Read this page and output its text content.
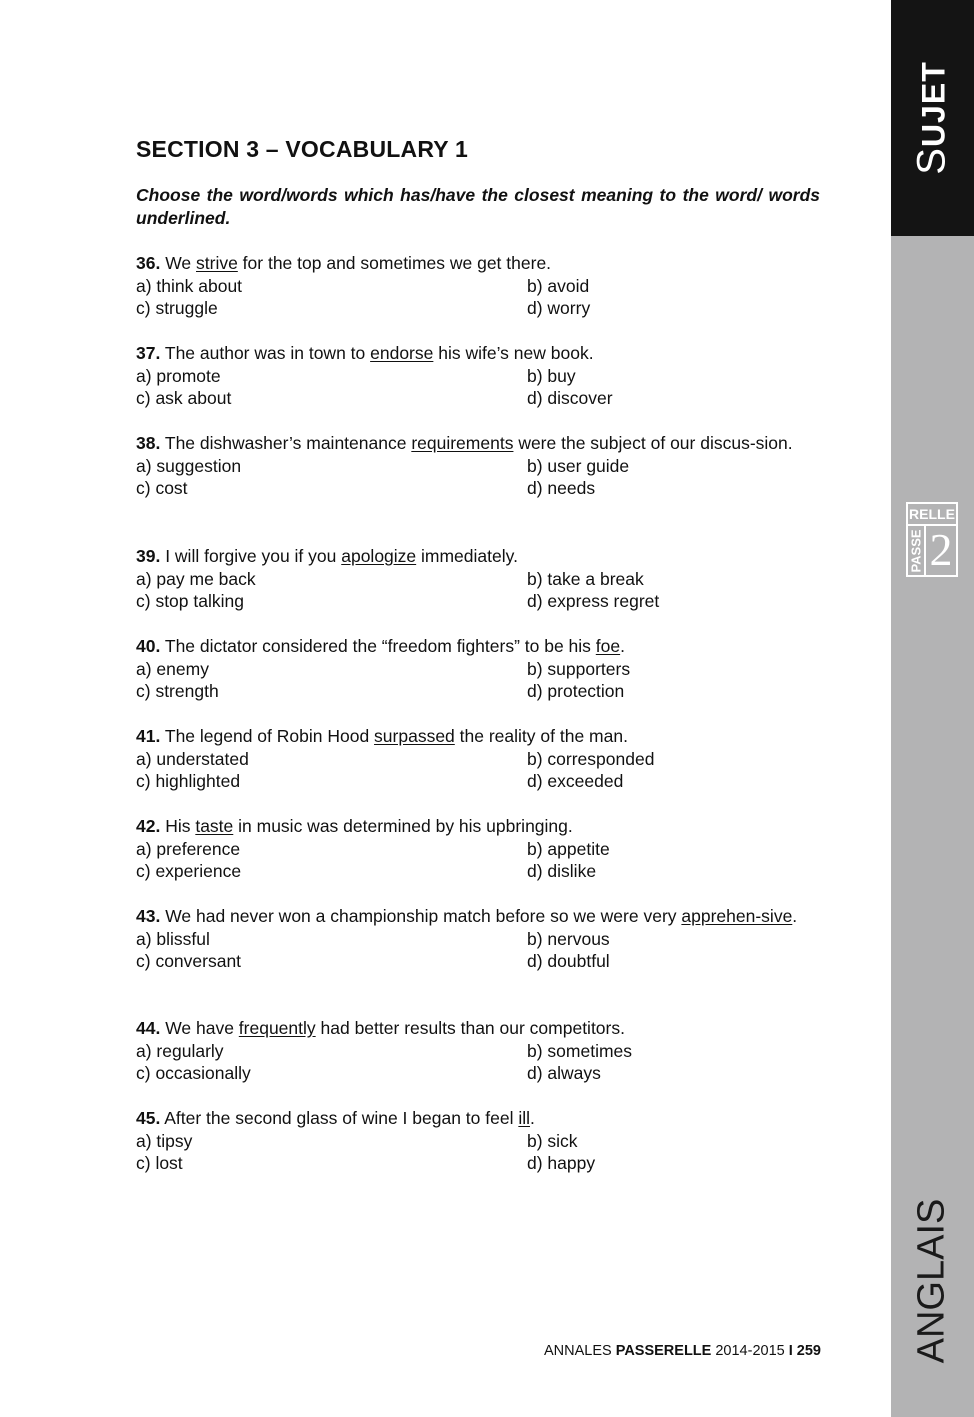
SUJET
RELLE
PASSE 2
ANGLAIS
SECTION 3 – VOCABULARY 1

Choose the word/words which has/have the closest meaning to the word/ words underlined.

36. We strive for the top and sometimes we get there.
a) think about	b) avoid
c) struggle	d) worry
37. The author was in town to endorse his wife’s new book.
a) promote	b) buy
c) ask about	d) discover
38. The dishwasher’s maintenance requirements were the subject of our discus-sion.
a) suggestion	b) user guide
c) cost	d) needs
39. I will forgive you if you apologize immediately.
a) pay me back	b) take a break
c) stop talking	d) express regret
40. The dictator considered the “freedom fighters” to be his foe.
a) enemy	b) supporters
c) strength	d) protection
41. The legend of Robin Hood surpassed the reality of the man.
a) understated	b) corresponded
c) highlighted	d) exceeded
42. His taste in music was determined by his upbringing.
a) preference	b) appetite
c) experience	d) dislike
43. We had never won a championship match before so we were very apprehen-sive.
a) blissful	b) nervous
c) conversant	d) doubtful
44. We have frequently had better results than our competitors.
a) regularly	b) sometimes
c) occasionally	d) always
45. After the second glass of wine I began to feel ill.
a) tipsy	b) sick
c) lost	d) happy
ANNALES PASSERELLE 2014-2015 I 259
